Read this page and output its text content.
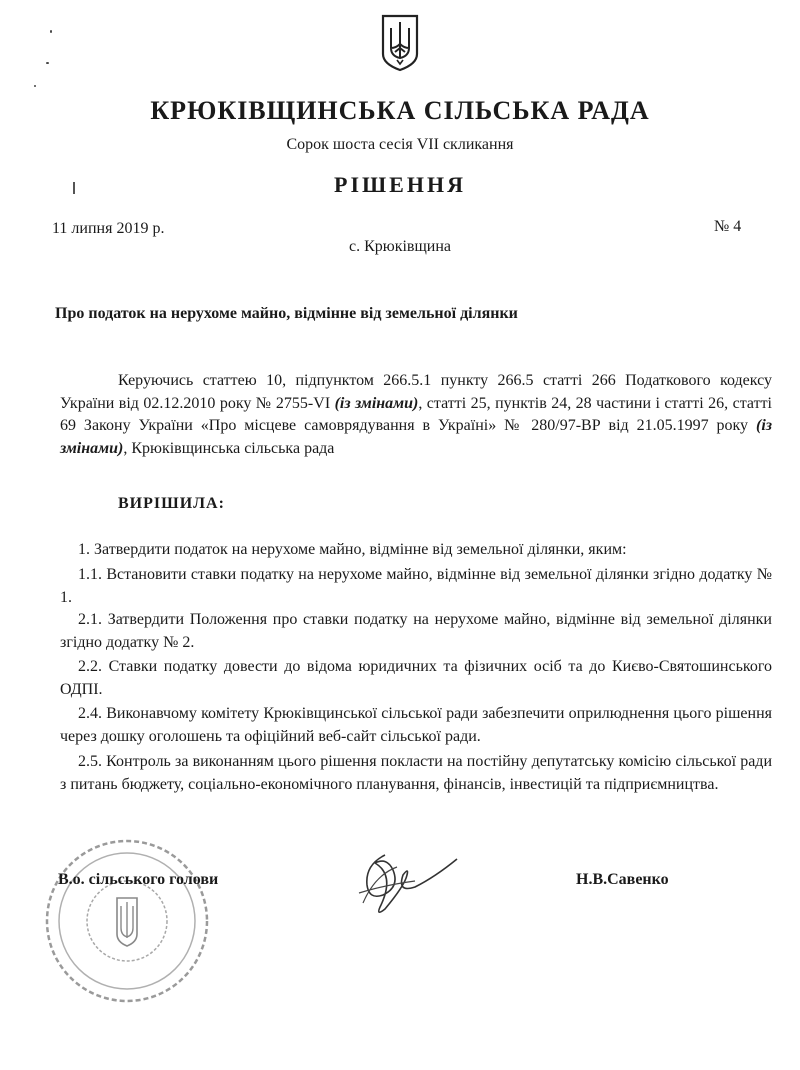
КРЮКІВЩИНСЬКА СІЛЬСЬКА РАДА
Сорок шоста сесія VII скликання
РІШЕННЯ
11 липня 2019 р.	№ 4
с. Крюківщина
Про податок на нерухоме майно, відмінне від земельної ділянки

Керуючись статтею 10, підпунктом 266.5.1 пункту 266.5 статті 266 Податкового кодексу України від 02.12.2010 року № 2755-VI (із змінами), статті 25, пунктів 24, 28 частини і статті 26, статті 69 Закону України «Про місцеве самоврядування в Україні» № 280/97-ВР від 21.05.1997 року (із змінами), Крюківщинська сільська рада

ВИРІШИЛА:

1. Затвердити податок на нерухоме майно, відмінне від земельної ділянки, яким:

1.1. Встановити ставки податку на нерухоме майно, відмінне від земельної ділянки згідно додатку № 1.

2.1. Затвердити Положення про ставки податку на нерухоме майно, відмінне від земельної ділянки згідно додатку № 2.

2.2. Ставки податку довести до відома юридичних та фізичних осіб та до Києво-Святошинського ОДПІ.

2.4. Виконавчому комітету Крюківщинської сільської ради забезпечити оприлюднення цього рішення через дошку оголошень та офіційний веб-сайт сільської ради.

2.5. Контроль за виконанням цього рішення покласти на постійну депутатську комісію сільської ради з питань бюджету, соціально-економічного планування, фінансів, інвестицій та підприємництва.

В.о. сільського голови	Н.В.Савенко
